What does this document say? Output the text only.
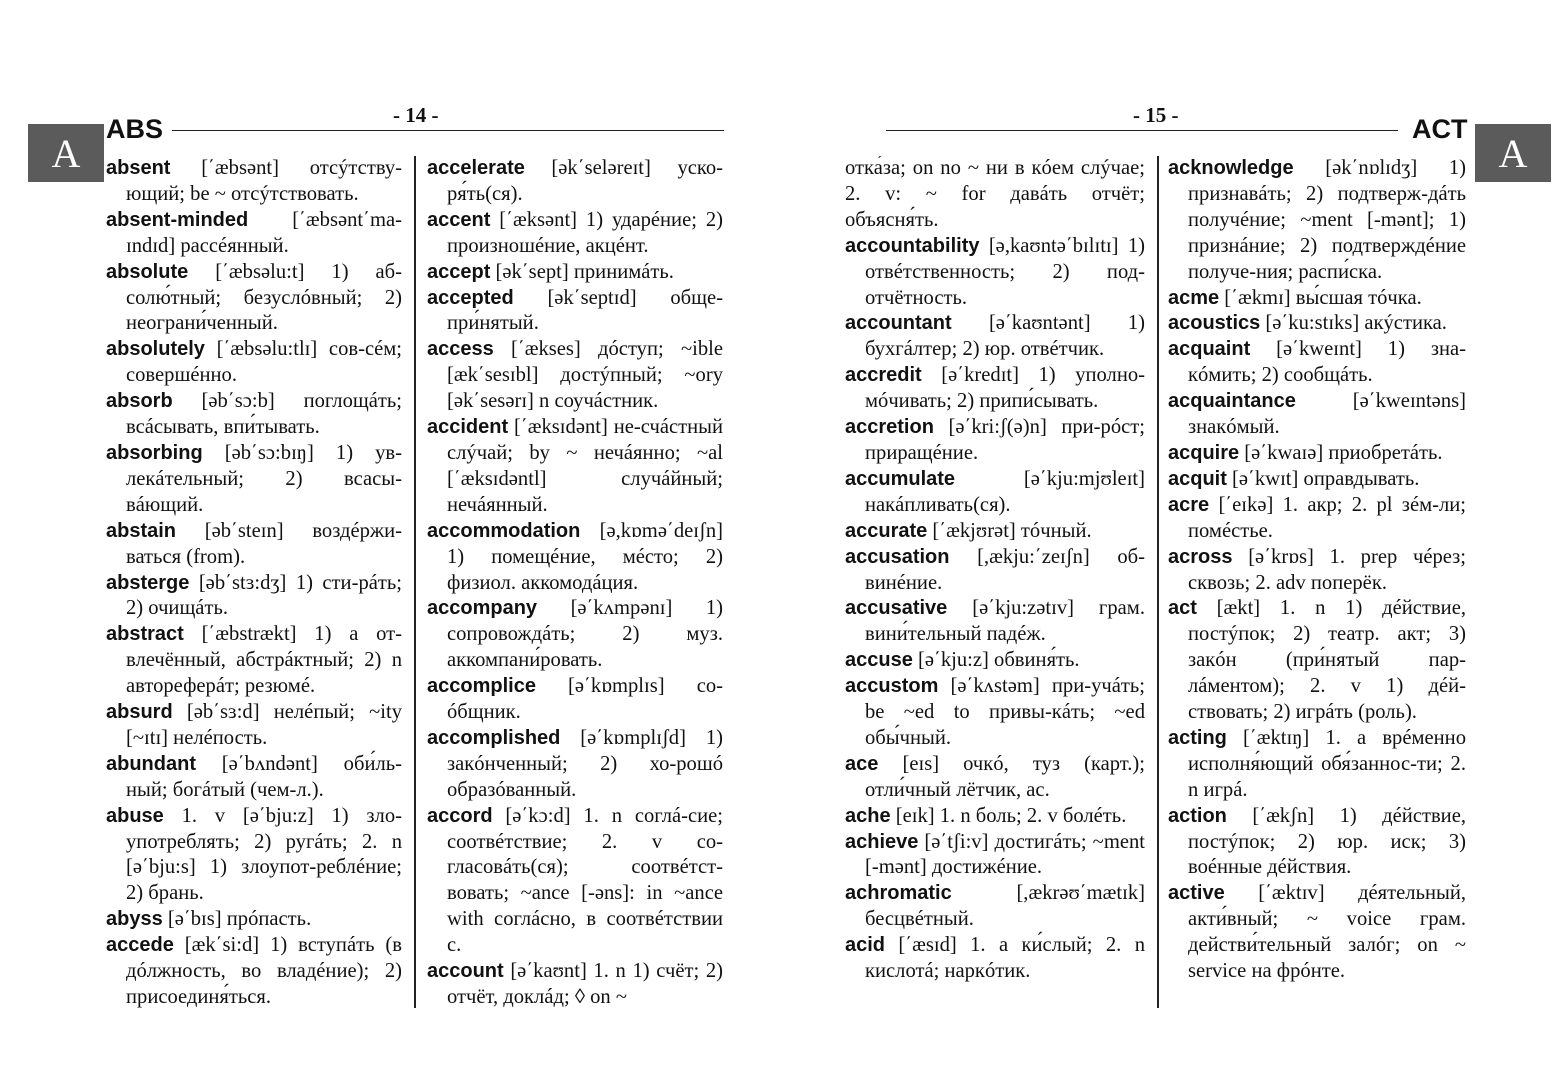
A
ABS	- 14 -	- 15 -	ACT
A

absent [΄æbsənt] отсýтству-ющий; be ~ отсýтствовать.

absent-minded [΄æbsənt΄ma-ɪndɪd] рассéянный.

absolute [΄æbsəlu:t] 1) аб-солю́тный; безуслóвный; 2) неограни́ченный.

absolutely [΄æbsəlu:tlɪ] сов-сéм; совершéнно.

absorb [əb΄sɔ:b] поглощáть; всáсывать, впи́тывать.

absorbing [əb΄sɔ:bɪŋ] 1) ув-лекáтельный; 2) всасы-вáющий.

abstain [əb΄steɪn] воздéржи-ваться (from).

absterge [əb΄stɜ:dʒ] 1) сти-рáть; 2) очищáть.

abstract [΄æbstrækt] 1) a от-влечённый, абстрáктный; 2) n автореферáт; резюмé.

absurd [əb΄sɜ:d] нелéпый; ~ity [~ɪtɪ] нелéпость.

abundant [ə΄bʌndənt] оби́ль-ный; богáтый (чем-л.).

abuse 1. v [ə΄bju:z] 1) зло-употреблять; 2) ругáть; 2. n [ə΄bju:s] 1) злоупот-реблéние; 2) брань.

abyss [ə΄bɪs] прóпасть.

accede [æk΄si:d] 1) вступáть (в дóлжность, во владéние); 2) присоединя́ться.

accelerate [ək΄seləreɪt] уско-ря́ть(ся).

accent [΄æksənt] 1) ударéние; 2) произношéние, акцéнт.

accept [ək΄sept] принимáть.

accepted [ək΄septɪd] обще-при́нятый.

access [΄ækses] дóступ; ~ible [æk΄sesɪbl] достýпный; ~ory [ək΄sesərɪ] n соучáстник.

accident [΄æksɪdənt] не-счáстный слýчай; by ~ нечáянно; ~al [΄æksɪdəntl] случáйный; нечáянный.

accommodation [ə,kɒmə΄deɪʃn] 1) помещéние, мéсто; 2) физиол. аккомодáция.

accompany [ə΄kʌmpənɪ] 1) сопровождáть; 2) муз. аккомпани́ровать.

accomplice [ə΄kɒmplɪs] со-óбщник.

accomplished [ə΄kɒmplɪʃd] 1) закóнченный; 2) хо-рошó образóванный.

accord [ə΄kɔ:d] 1. n соглá-сие; соотвéтствие; 2. v со-гласовáть(ся); соотвéтст-вовать; ~ance [-əns]: in ~ance with соглáсно, в соотвéтствии с.

account [ə΄kaʊnt] 1. n 1) счёт; 2) отчёт, доклáд; ◊ on ~

отка́за; on no ~ ни в кóем слýчае; 2. v: ~ for давáть отчёт; объясня́ть.

accountability [ə,kaʊntə΄bɪlɪtɪ] 1) отвéтственность; 2) под-отчётность.

accountant [ə΄kaʊntənt] 1) бухгáлтер; 2) юр. отвéтчик.

accredit [ə΄kredɪt] 1) уполно-мóчивать; 2) припи́сывать.

accretion [ə΄kri:ʃ(ə)n] при-рóст; приращéние.

accumulate [ə΄kju:mjʊleɪt] накáпливать(ся).

accurate [΄ækjʊrət] тóчный.

accusation [,ækju:΄zeɪʃn] об-винéние.

accusative [ə΄kju:zətɪv] грам. вини́тельный падéж.

accuse [ə΄kju:z] обвиня́ть.

accustom [ə΄kʌstəm] при-учáть; be ~ed to привы-кáть; ~ed обы́чный.

ace [eɪs] очкó, туз (карт.); отли́чный лётчик, ас.

ache [eɪk] 1. n боль; 2. v болéть.

achieve [ə΄tʃi:v] достигáть; ~ment [-mənt] достижéние.

achromatic [,ækrəʊ΄mætɪk] бесцвéтный.

acid [΄æsɪd] 1. a ки́слый; 2. n кислотá; наркóтик.

acknowledge [ək΄nɒlɪdʒ] 1) признавáть; 2) подтверж-дáть получéние; ~ment [-mənt]; 1) признáние; 2) подтверждéние получе-ния; распи́ска.

acme [΄ækmɪ] вы́сшая тóчка.

acoustics [ə΄ku:stɪks] акýстика.

acquaint [ə΄kweɪnt] 1) зна-кóмить; 2) сообщáть.

acquaintance [ə΄kweɪntəns] знакóмый.

acquire [ə΄kwaɪə] приобретáть.

acquit [ə΄kwɪt] оправдывать.

acre [΄eɪkə] 1. акр; 2. pl зéм-ли; помéстье.

across [ə΄krɒs] 1. prep чéрез; сквозь; 2. adv поперёк.

act [ækt] 1. n 1) дéйствие, постýпок; 2) театр. акт; 3) закóн (при́нятый пар-лáментом); 2. v 1) дéй-ствовать; 2) игрáть (роль).

acting [΄æktɪŋ] 1. a врéменно исполня́ющий обя́заннос-ти; 2. n игрá.

action [΄ækʃn] 1) дéйствие, постýпок; 2) юр. иск; 3) воéнные дéйствия.

active [΄æktɪv] дéятельный, акти́вный; ~ voice грам. действи́тельный залóг; on ~ service на фрóнте.
